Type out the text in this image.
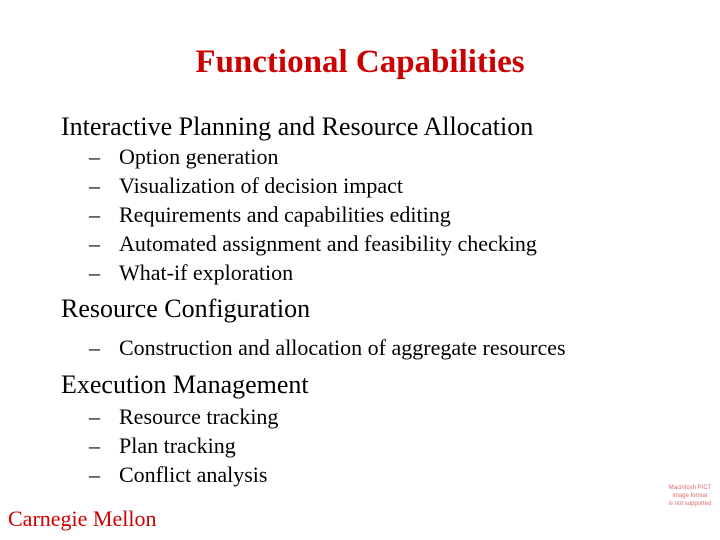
Functional Capabilities
Interactive Planning and Resource Allocation
– Option generation
– Visualization of decision impact
– Requirements and capabilities editing
– Automated assignment and feasibility checking
– What-if exploration
Resource Configuration
– Construction and allocation of aggregate resources
Execution Management
– Resource tracking
– Plan tracking
– Conflict analysis
Carnegie Mellon
Macintosh PICT
image format
is not supported
